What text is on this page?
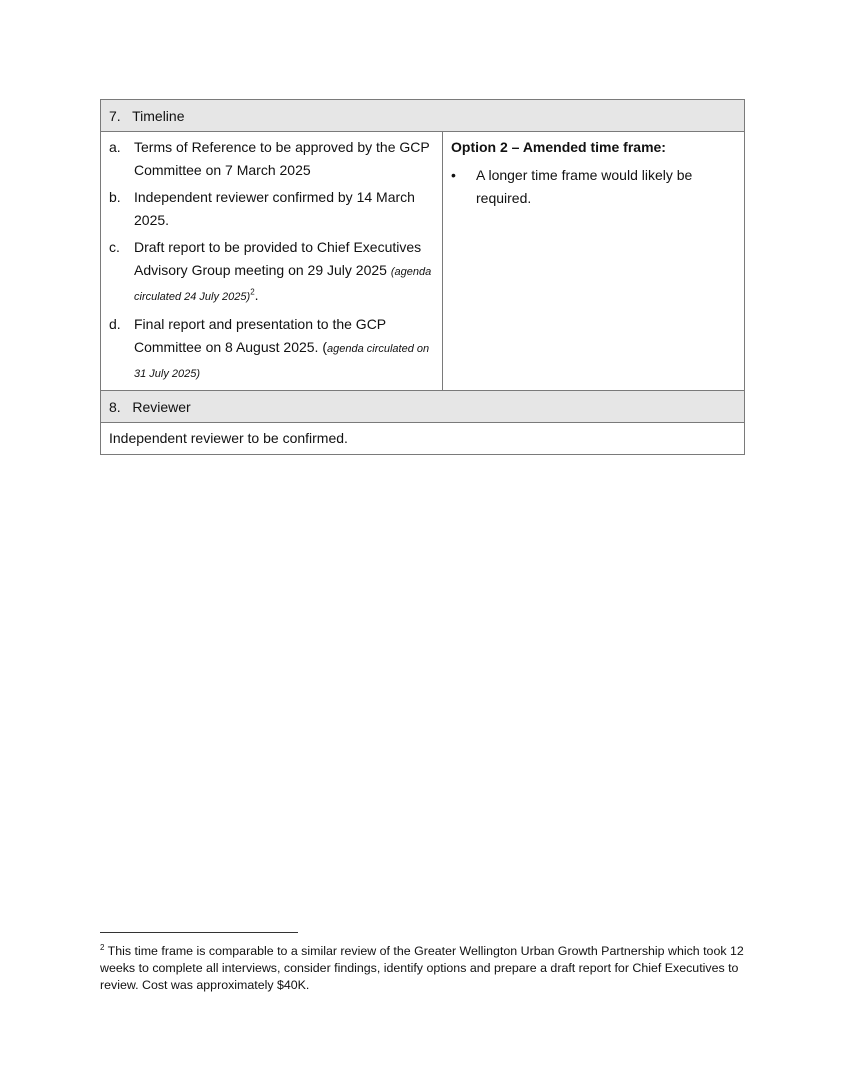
7. Timeline
a. Terms of Reference to be approved by the GCP Committee on 7 March 2025
b. Independent reviewer confirmed by 14 March 2025.
c.	Draft report to be provided to Chief Executives Advisory Group meeting on 29 July 2025 (agenda circulated 24 July 2025)$^2$.
d. Final report and presentation to the GCP Committee on 8 August 2025. (agenda circulated on 31 July 2025)
Option 2 – Amended time frame:
•	A longer time frame would likely be required.
8. Reviewer
Independent reviewer to be confirmed.
$^2$ This time frame is comparable to a similar review of the Greater Wellington Urban Growth Partnership which took 12 weeks to complete all interviews, consider findings, identify options and prepare a draft report for Chief Executives to review. Cost was approximately $40K.
